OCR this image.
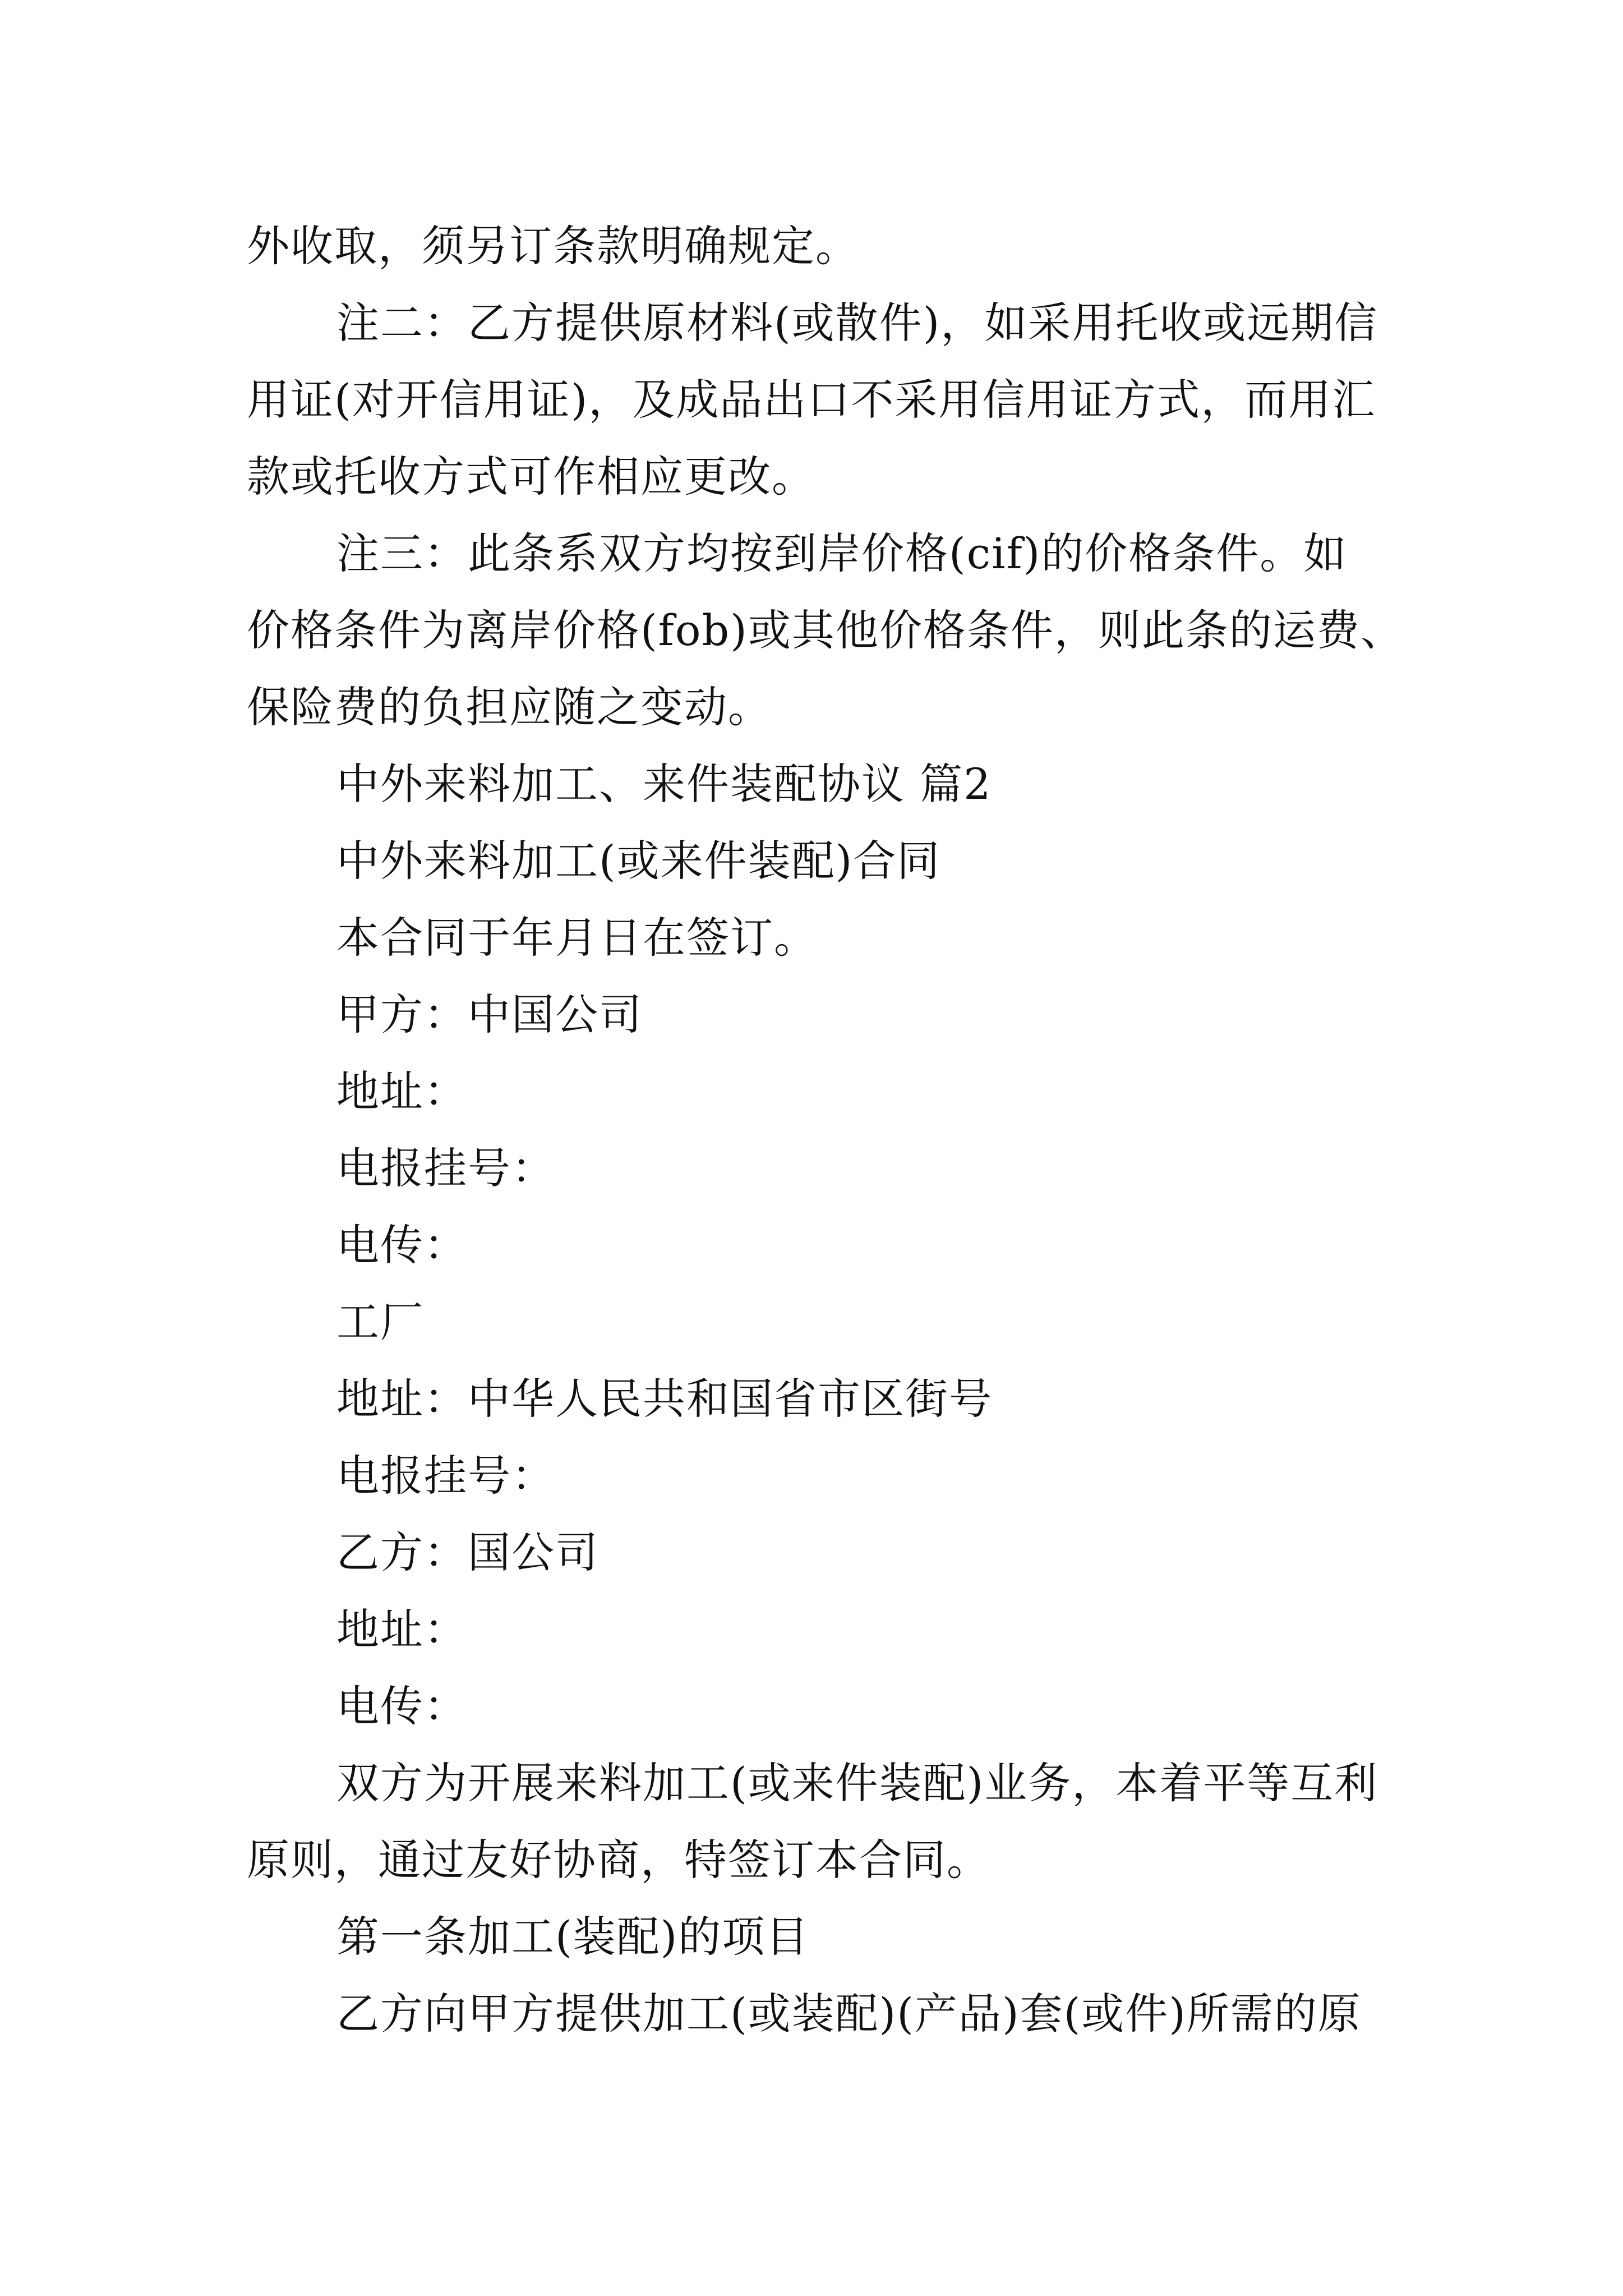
外收取，须另订条款明确规定。
注二：乙方提供原材料(或散件)，如采用托收或远期信
用证(对开信用证)，及成品出口不采用信用证方式，而用汇
款或托收方式可作相应更改。
注三：此条系双方均按到岸价格(cif)的价格条件。如
价格条件为离岸价格(fob)或其他价格条件，则此条的运费、
保险费的负担应随之变动。
中外来料加工、来件装配协议 篇2
中外来料加工(或来件装配)合同
本合同于年月日在签订。
甲方：中国公司
地址：
电报挂号：
电传：
工厂
地址：中华人民共和国省市区街号
电报挂号：
乙方：国公司
地址：
电传：
双方为开展来料加工(或来件装配)业务，本着平等互利
原则，通过友好协商，特签订本合同。
第一条加工(装配)的项目
乙方向甲方提供加工(或装配)(产品)套(或件)所需的原
